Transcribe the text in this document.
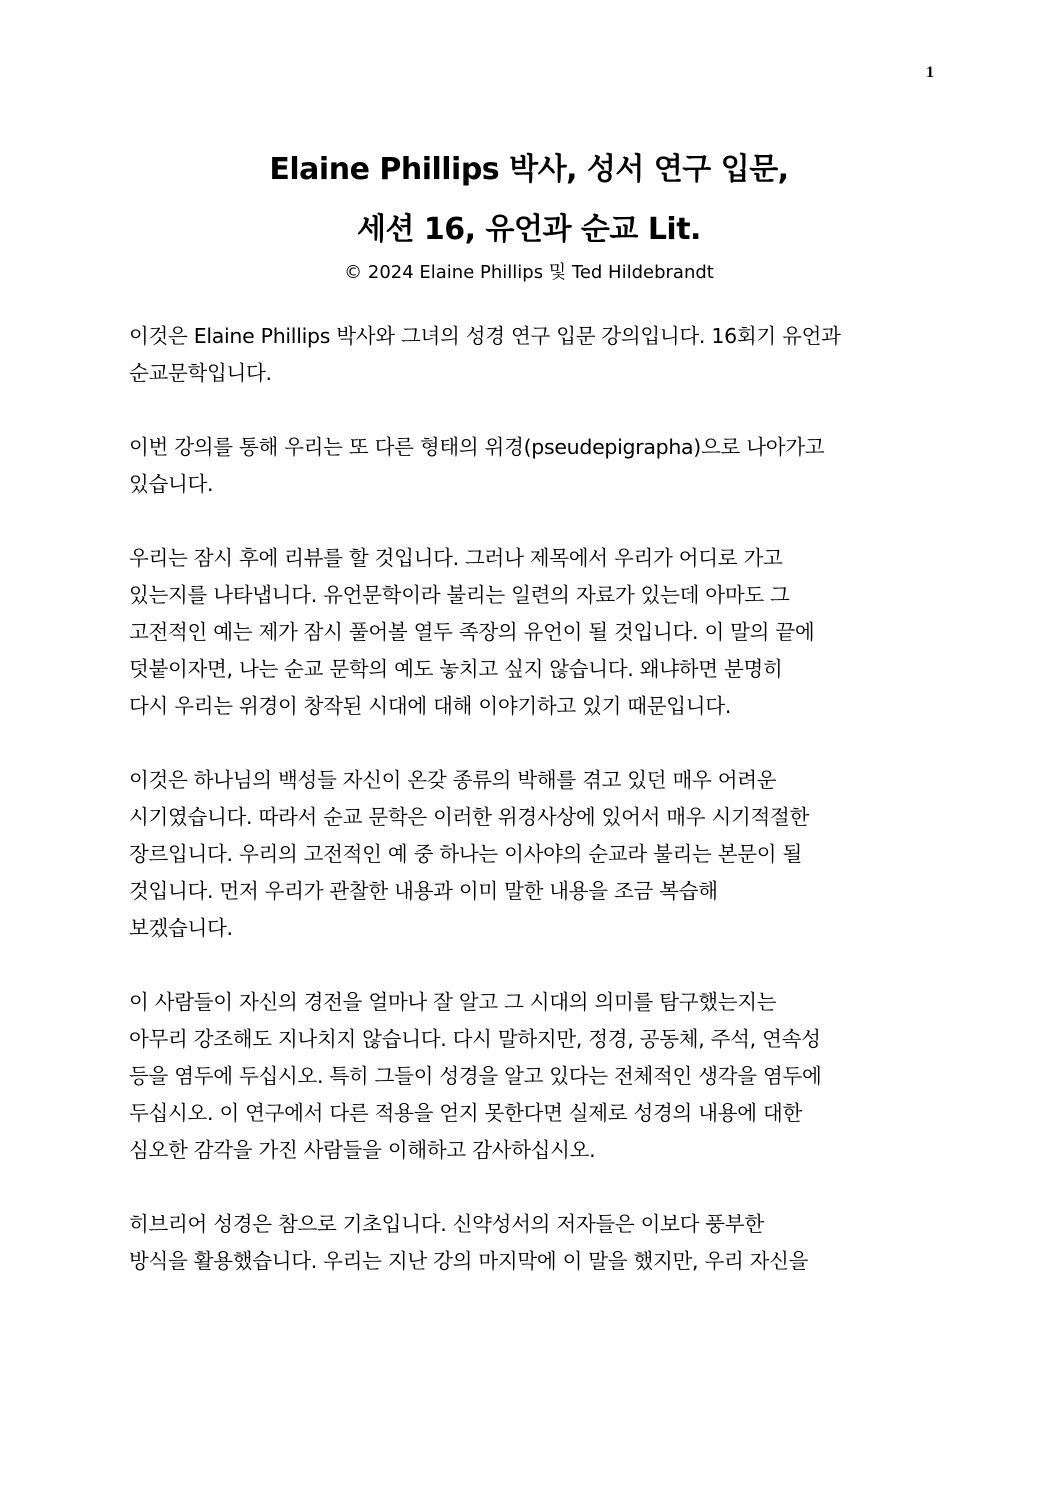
1
Elaine Phillips 박사, 성서 연구 입문,
세션 16, 유언과 순교 Lit.
© 2024 Elaine Phillips 및 Ted Hildebrandt
이것은 Elaine Phillips 박사와 그녀의 성경 연구 입문 강의입니다. 16회기 유언과
순교문학입니다.
이번 강의를 통해 우리는 또 다른 형태의 위경(pseudepigrapha)으로 나아가고
있습니다.
우리는 잠시 후에 리뷰를 할 것입니다. 그러나 제목에서 우리가 어디로 가고
있는지를 나타냅니다. 유언문학이라 불리는 일련의 자료가 있는데 아마도 그
고전적인 예는 제가 잠시 풀어볼 열두 족장의 유언이 될 것입니다. 이 말의 끝에
덧붙이자면, 나는 순교 문학의 예도 놓치고 싶지 않습니다. 왜냐하면 분명히
다시 우리는 위경이 창작된 시대에 대해 이야기하고 있기 때문입니다.
이것은 하나님의 백성들 자신이 온갖 종류의 박해를 겪고 있던 매우 어려운
시기였습니다. 따라서 순교 문학은 이러한 위경사상에 있어서 매우 시기적절한
장르입니다. 우리의 고전적인 예 중 하나는 이사야의 순교라 불리는 본문이 될
것입니다. 먼저 우리가 관찰한 내용과 이미 말한 내용을 조금 복습해
보겠습니다.
이 사람들이 자신의 경전을 얼마나 잘 알고 그 시대의 의미를 탐구했는지는
아무리 강조해도 지나치지 않습니다. 다시 말하지만, 정경, 공동체, 주석, 연속성
등을 염두에 두십시오. 특히 그들이 성경을 알고 있다는 전체적인 생각을 염두에
두십시오. 이 연구에서 다른 적용을 얻지 못한다면 실제로 성경의 내용에 대한
심오한 감각을 가진 사람들을 이해하고 감사하십시오.
히브리어 성경은 참으로 기초입니다. 신약성서의 저자들은 이보다 풍부한
방식을 활용했습니다. 우리는 지난 강의 마지막에 이 말을 했지만, 우리 자신을
